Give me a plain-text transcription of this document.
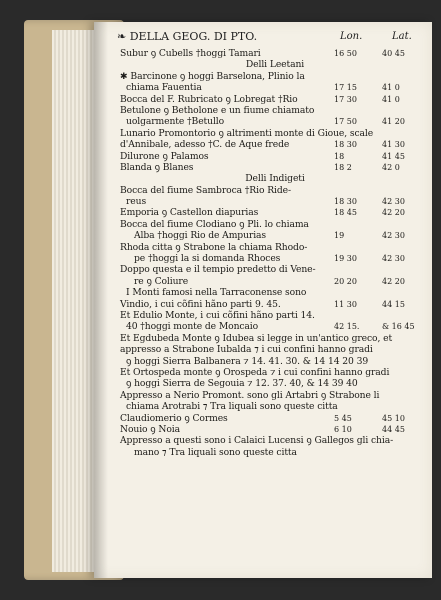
❧ DELLA GEOG. DI PTO.	Lon.	Lat.
Subur ꝯ Cubells †hoggi Tamari	16 50	40 45
Delli Leetani
✱ Barcinone ꝯ hoggi Barselona, Plinio la
chiama Fauentia	17 15	41 0
Bocca del F. Rubricato ꝯ Lobregat †Rio	17 30	41 0
Betulone ꝯ Betholone e un fiume chiamato
uolgarmente †Betullo	17 50	41 20
Lunario Promontorio ꝯ altrimenti monte di Gioue, scale
d'Annibale, adesso †C. de Aque frede	18 30	41 30
Dilurone ꝯ Palamos	18	41 45
Blanda ꝯ Blanes	18 2	42 0
Delli Indigeti
Bocca del fiume Sambroca †Rio Ride-
reus	18 30	42 30
Emporia ꝯ Castellon diapurias	18 45	42 20
Bocca del fiume Clodiano ꝯ Pli. lo chiama
Alba †hoggi Rio de Ampurias	19	42 30
Rhoda citta ꝯ Strabone la chiama Rhodo-
pe †hoggi la si domanda Rhoces	19 30	42 30
Doppo questa e il tempio predetto di Vene-
re ꝯ Coliure	20 20	42 20
I Monti famosi nella Tarraconense sono
Vindio, i cui cõfini hãno parti 9. 45.	11 30	44 15
Et Edulio Monte, i cui cõfini hãno parti 14.
40 †hoggi monte de Moncaio	42 15.	& 16 45
Et Egdubeda Monte ꝯ Idubea si legge in un'antico greco, et
appresso a Strabone Iubalda ⁊ i cui confini hanno gradi
ꝯ hoggi Sierra Balbanera ⁊ 14. 41. 30. & 14 14 20 39
Et Ortospeda monte ꝯ Orospeda ⁊ i cui confini hanno gradi
ꝯ hoggi Sierra de Segouia ⁊ 12. 37. 40, & 14 39 40
Appresso a Nerio Promont. sono gli Artabri ꝯ Strabone li
chiama Arotrabi ⁊ Tra liquali sono queste citta
Claudiomerio ꝯ Cormes	5 45	45 10
Nouio ꝯ Noia	6 10	44 45
Appresso a questi sono i Calaici Lucensi ꝯ Gallegos gli chia-
mano ⁊ Tra liquali sono queste citta
